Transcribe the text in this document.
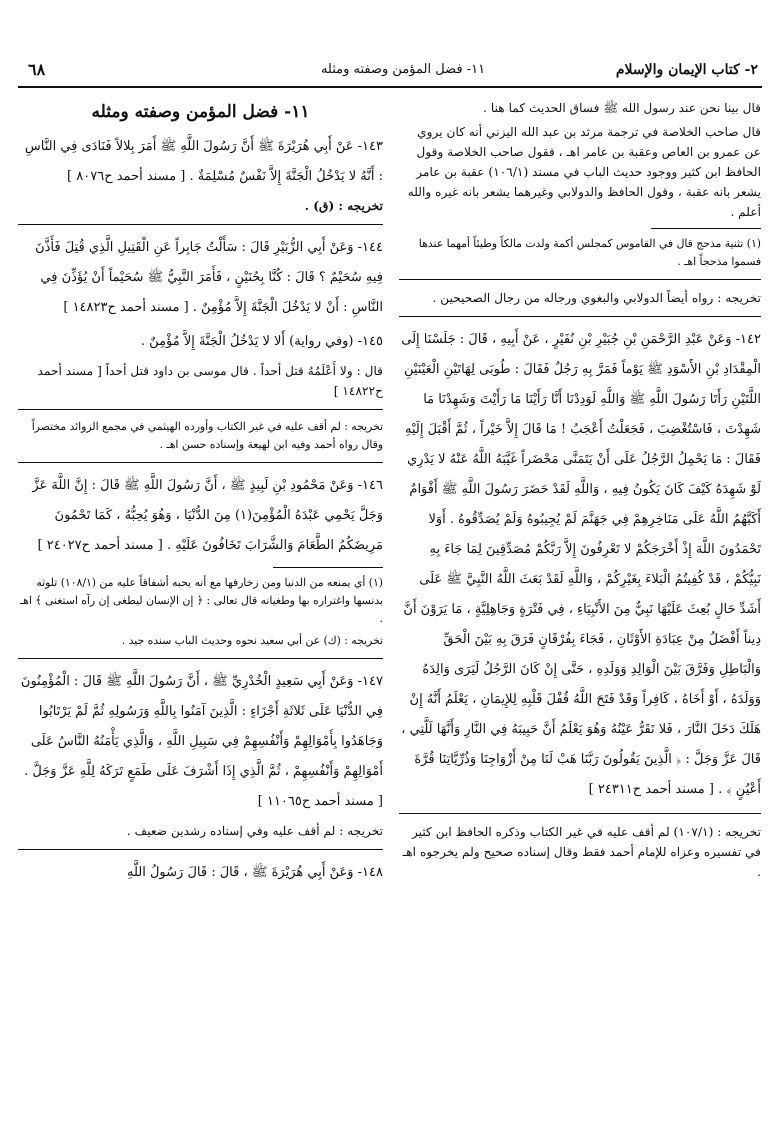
٢- كتاب الإيمان والإسلام
١١- فضل المؤمن وصفته ومثله
٦٨

قال بينا نحن عند رسول الله ﷺ فساق الحديث كما هنا .

قال صاحب الخلاصة في ترجمة مرثد بن عبد الله اليزني أنه كان يروي عن عمرو بن العاص وعقبة بن عامر اهـ ، فقول صاحب الخلاصة وقول الحافظ ابن كثير ووجود حديث الباب في مسند (١٠٦/١) عقبة بن عامر يشعر بانه عقبة ، وقول الحافظ والدولابي وغيرهما يشعر بانه غيره والله أعلم .

(١) تثنية مذحج قال في القاموس كمجلس أكمة ولدت مالكاً وطيئاً أمهما عندها فسموا مذحجاً اهـ .

تخريجه : رواه أيضاً الدولابي والبغوي ورجاله من رجال الصحيحين .

١٤٢- وَعَنْ عَبْدِ الرَّحْمَنِ بْنِ جُبَيْرِ بْنِ نُفَيْرٍ ، عَنْ أَبِيهِ ، قَالَ : جَلَسْنَا إِلَى الْمِقْدَادِ بْنِ الأَسْوَدِ ﷺ يَوْماً فَمَرَّ بِهِ رَجُلٌ فَقَالَ : طُوبَى لِهَاتَيْنِ الْعَيْنَيْنِ اللَّتَيْنِ رَأَتَا رَسُولَ اللَّهِ ﷺ وَاللَّهِ لَوَدِدْنَا أَنَّا رَأَيْنَا مَا رَأَيْتَ وَشَهِدْنَا مَا شَهِدْتَ ، فَاسْتُغْضِبَ ، فَجَعَلْتُ أَعْجَبُ ! مَا قَالَ إِلاَّ خَيْراً ، ثُمَّ أَقْبَلَ إِلَيْهِ فَقَالَ : مَا يَحْمِلُ الرَّجُلُ عَلَى أَنْ يَتَمَنَّى مَحْضَراً غَيَّبَهُ اللَّهُ عَنْهُ لا يَدْرِي لَوْ شَهِدَهُ كَيْفَ كَانَ يَكُونُ فِيهِ ، وَاللَّهِ لَقَدْ حَضَرَ رَسُولَ اللَّهِ ﷺ أَقْوَامٌ أَكَبَّهُمُ اللَّهُ عَلَى مَنَاخِرِهِمْ فِي جَهَنَّمَ لَمْ يُجِيبُوهُ وَلَمْ يُصَدِّقُوهُ . أَوَلا تَحْمَدُونَ اللَّهَ إِذْ أَخْرَجَكُمْ لا تَعْرِفُونَ إِلاَّ رَبَّكُمْ مُصَدِّقِينَ لِمَا جَاءَ بِهِ نَبِيُّكُمْ ، قَدْ كُفِيتُمُ الْبَلاءَ بِغَيْرِكُمْ ، وَاللَّهِ لَقَدْ بَعَثَ اللَّهُ النَّبِيَّ ﷺ عَلَى أَشَدِّ حَالٍ بُعِثَ عَلَيْهَا نَبِيٌّ مِنَ الأَنْبِيَاءِ ، فِي فَتْرَةٍ وَجَاهِلِيَّةٍ ، مَا يَرَوْنَ أَنَّ دِيناً أَفْضَلُ مِنْ عِبَادَةِ الأَوْثَانِ ، فَجَاءَ بِفُرْقَانٍ فَرَقَ بِهِ بَيْنَ الْحَقِّ وَالْبَاطِلِ وَفَرَّقَ بَيْنَ الْوَالِدِ وَوَلَدِهِ ، حَتَّى إِنْ كَانَ الرَّجُلُ لَيَرَى وَالِدَهُ وَوَلَدَهُ ، أَوْ أَخَاهُ ، كَافِراً وَقَدْ فَتَحَ اللَّهُ قُفْلَ قَلْبِهِ لِلإِيمَانِ ، يَعْلَمُ أَنَّهُ إِنْ هَلَكَ دَخَلَ النَّارَ ، فَلا تَقَرُّ عَيْنُهُ وَهُوَ يَعْلَمُ أَنَّ حَبِيبَهُ فِي النَّارِ وَأَنَّهَا لَلَّتِي ، قَالَ عَزَّ وَجَلَّ : ﴿ الَّذِينَ يَقُولُونَ رَبَّنَا هَبْ لَنَا مِنْ أَزْوَاجِنَا وَذُرِّيَّاتِنَا قُرَّةَ أَعْيُنٍ ﴾ . [ مسند أحمد ح٢٤٣١١ ]

تخريجه : (١٠٧/١) لم أقف عليه في غير الكتاب وذكره الحافظ ابن كثير في تفسيره وعزاه للإمام أحمد فقط وقال إسناده صحيح ولم يخرجوه اهـ .

١١- فضل المؤمن وصفته ومثله

١٤٣- عَنْ أَبِي هُرَيْرَةَ ﷺ أَنَّ رَسُولَ اللَّهِ ﷺ أَمَرَ بِلالاً فَنَادَى فِي النَّاسِ : أَنَّهُ لا يَدْخُلُ الْجَنَّةَ إِلاَّ نَفْسٌ مُسْلِمَةٌ . [ مسند أحمد ح٨٠٧٦ ]

تخريجه : (ق) .

١٤٤- وَعَنْ أَبِي الزُّبَيْرِ قَالَ : سَأَلْتُ جَابِراً عَنِ الْقَتِيلِ الَّذِي قُتِلَ فَأَذَّنَ فِيهِ سُحَيْمٌ ؟ قَالَ : كُنَّا بِحُنَيْنٍ ، فَأَمَرَ النَّبِيُّ ﷺ سُحَيْماً أَنْ يُؤَذِّنَ فِي النَّاسِ : أَنْ لا يَدْخُلَ الْجَنَّةَ إِلاَّ مُؤْمِنٌ . [ مسند أحمد ح١٤٨٢٣ ]

١٤٥- (وفي رواية) أَلا لا يَدْخُلُ الْجَنَّةَ إِلاَّ مُؤْمِنٌ .

قال : ولا أَعْلَمُهُ قتل أحداً . قال موسى بن داود قتل أحداً [ مسند أحمد ح١٤٨٢٢ ]

تخريجه : لم أقف عليه في غير الكتاب وأورده الهيثمي في مجمع الزوائد مختصراً وقال رواه أحمد وفيه ابن لهيعة وإسناده حسن اهـ .

١٤٦- وَعَنْ مَحْمُودِ بْنِ لَبِيدٍ ﷺ ، أَنَّ رَسُولَ اللَّهِ ﷺ قَالَ : إِنَّ اللَّهَ عَزَّ وَجَلَّ يَحْمِي عَبْدَهُ الْمُؤْمِنَ(١) مِنَ الدُّنْيَا ، وَهُوَ يُحِبُّهُ ، كَمَا تَحْمُونَ مَرِيضَكُمُ الطَّعَامَ وَالشَّرَابَ تَخَافُونَ عَلَيْهِ . [ مسند أحمد ح٢٤٠٢٧ ]

(١) أي يمنعه من الدنيا ومن زخارفها مع أنه يحبه أشفاقاً عليه من (١٠٨/١) تلوثه بدنسها واغتراره بها وطغيانه قال تعالى : ﴿ إن الإنسان ليطغى إن رآه استغنى ﴾ اهـ .

تخريجه : (ك) عن أبي سعيد نحوه وحديث الباب سنده جيد .

١٤٧- وَعَنْ أَبِي سَعِيدٍ الْخُدْرِيِّ ﷺ ، أَنَّ رَسُولَ اللَّهِ ﷺ قَالَ : الْمُؤْمِنُونَ فِي الدُّنْيَا عَلَى ثَلاثَةِ أَجْزَاءٍ : الَّذِينَ آمَنُوا بِاللَّهِ وَرَسُولِهِ ثُمَّ لَمْ يَرْتَابُوا وَجَاهَدُوا بِأَمْوَالِهِمْ وَأَنْفُسِهِمْ فِي سَبِيلِ اللَّهِ ، وَالَّذِي يَأْمَنُهُ النَّاسُ عَلَى أَمْوَالِهِمْ وَأَنْفُسِهِمْ ، ثُمَّ الَّذِي إِذَا أَشْرَفَ عَلَى طَمَعٍ تَرَكَهُ لِلَّهِ عَزَّ وَجَلَّ . [ مسند أحمد ح١١٠٦٥ ]

تخريجه : لم أقف عليه وفي إسناده رشدين ضعيف .

١٤٨- وَعَنْ أَبِي هُرَيْرَةَ ﷺ ، قَالَ : قَالَ رَسُولُ اللَّهِ
